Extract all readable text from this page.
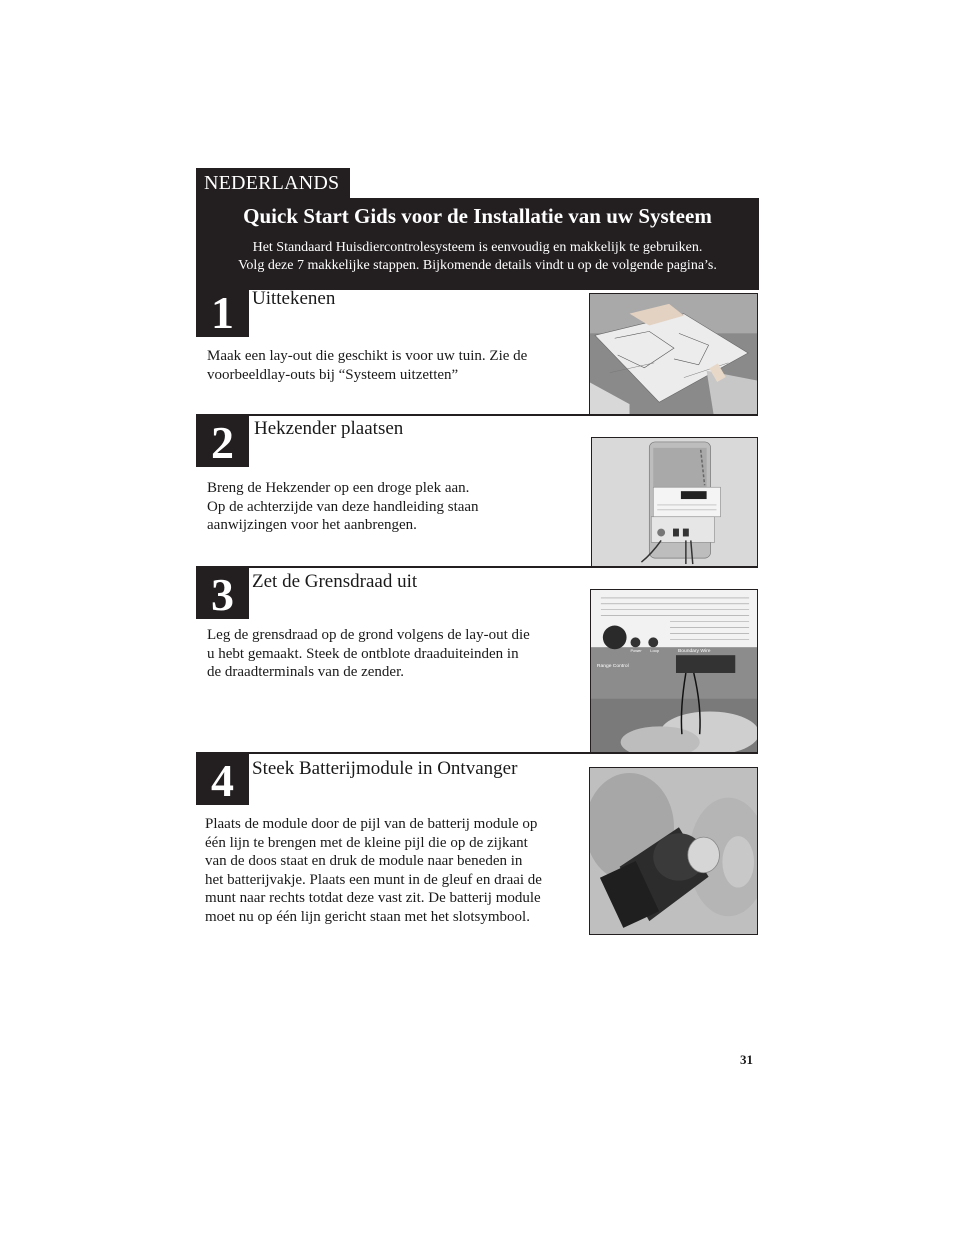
NEDERLANDS
Quick Start Gids voor de Installatie van uw Systeem

Het Standaard Huisdiercontrolesysteem is eenvoudig en makkelijk te gebruiken.

Volg deze 7 makkelijke stappen. Bijkomende details vindt u op de volgende pagina’s.

1 Uittekenen
Maak een lay-out die geschikt is voor uw tuin. Zie de
voorbeeldlay-outs bij “Systeem uitzetten”
2	Hekzender plaatsen
Breng de Hekzender op een droge plek aan.
Op de achterzijde van deze handleiding staan
aanwijzingen voor het aanbrengen.
3 Zet de Grensdraad uit
Leg de grensdraad op de grond volgens de lay-out die
u hebt gemaakt. Steek de ontblote draaduiteinden in
de draadterminals van de zender.	Range Control
Boundary Wire
Power Loop
4 Steek Batterijmodule in Ontvanger
Plaats de module door de pijl van de batterij module op
één lijn te brengen met de kleine pijl die op de zijkant
van de doos staat en druk de module naar beneden in
het batterijvakje. Plaats een munt in de gleuf en draai de
munt naar rechts totdat deze vast zit. De batterij module
moet nu op één lijn gericht staan met het slotsymbool.
31
